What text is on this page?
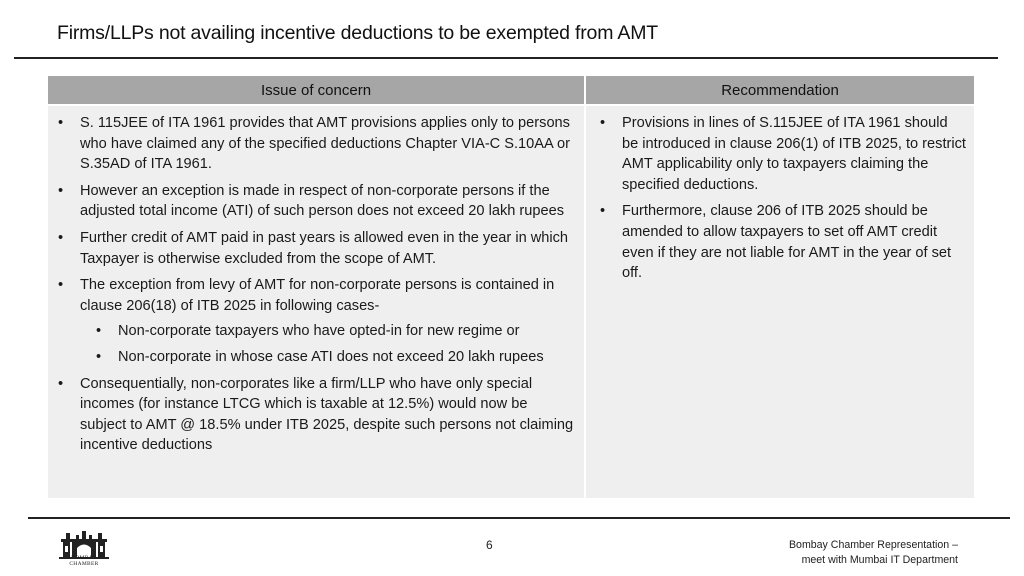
Firms/LLPs not availing incentive deductions to be exempted from AMT
Issue of concern
• S. 115JEE of ITA 1961 provides that AMT provisions applies only to persons who have claimed any of the specified deductions Chapter VIA-C S.10AA or S.35AD of ITA 1961.
• However an exception is made in respect of non-corporate persons if the adjusted total income (ATI) of such person does not exceed 20 lakh rupees
• Further credit of AMT paid in past years is allowed even in the year in which Taxpayer is otherwise excluded from the scope of AMT.
• The exception from levy of AMT for non-corporate persons is contained in clause 206(18) of ITB 2025 in following cases-
• Non-corporate taxpayers who have opted-in for new regime or
• Non-corporate in whose case ATI does not exceed 20 lakh rupees
• Consequentially, non-corporates like a firm/LLP who have only special incomes (for instance LTCG which is taxable at 12.5%) would now be subject to AMT @ 18.5% under ITB 2025, despite such persons not claiming incentive deductions
Recommendation
• Provisions in lines of S.115JEE of ITA 1961 should be introduced in clause 206(1) of ITB 2025, to restrict AMT applicability only to taxpayers claiming the specified deductions.
• Furthermore, clause 206 of ITB 2025 should be amended to allow taxpayers to set off AMT credit even if they are not liable for AMT in the year of set off.
BOMBAY CHAMBER
6	Bombay Chamber Representation –
meet with Mumbai IT Department
